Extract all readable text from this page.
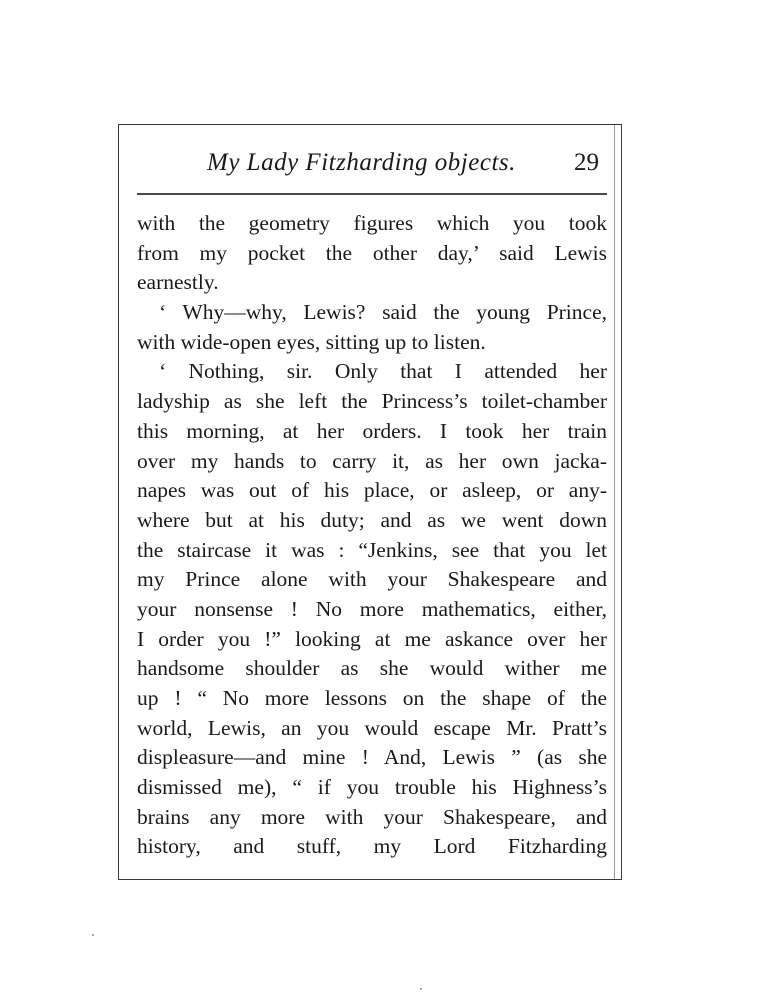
My Lady Fitzharding objects. 29
with the geometry figures which you took
from my pocket the other day,’ said Lewis
earnestly.
‘ Why—why, Lewis? said the young Prince,
with wide-open eyes, sitting up to listen.
‘ Nothing, sir. Only that I attended her
ladyship as she left the Princess’s toilet-chamber
this morning, at her orders. I took her train
over my hands to carry it, as her own jacka-
napes was out of his place, or asleep, or any-
where but at his duty; and as we went down
the staircase it was : “Jenkins, see that you let
my Prince alone with your Shakespeare and
your nonsense ! No more mathematics, either,
I order you !” looking at me askance over her
handsome shoulder as she would wither me
up ! “ No more lessons on the shape of the
world, Lewis, an you would escape Mr. Pratt’s
displeasure—and mine ! And, Lewis ” (as she
dismissed me), “ if you trouble his Highness’s
brains any more with your Shakespeare, and
history, and stuff, my Lord Fitzharding
